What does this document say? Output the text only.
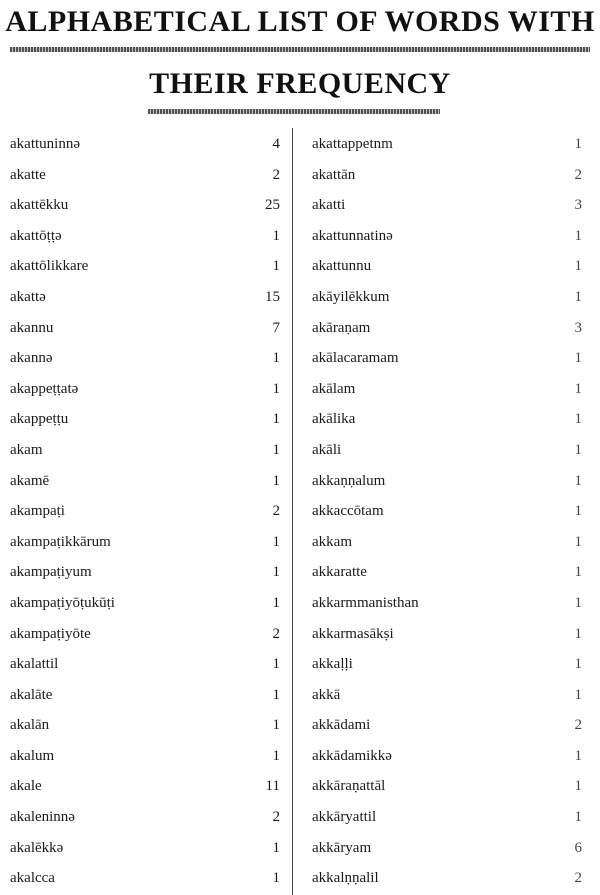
ALPHABETICAL LIST OF WORDS WITH
THEIR FREQUENCY
akattuninnə	4
akatte	2
akattēkku	25
akattōṭṭə	1
akattōlikkare	1
akattə	15
akannu	7
akannə	1
akappeṭṭatə	1
akappeṭṭu	1
akam	1
akamē	1
akampaṭi	2
akampaṭikkārum	1
akampaṭiyum	1
akampaṭiyōṭukūṭi	1
akampaṭiyōte	2
akalattil	1
akalāte	1
akalān	1
akalum	1
akale	11
akaleninnə	2
akalēkkə	1
akalcca	1
akattappetnm	1
akattān	2
akatti	3
akattunnatinə	1
akattunnu	1
akāyilēkkum	1
akāraṇam	3
akālacaramam	1
akālam	1
akālika	1
akāli	1
akkaṇṇalum	1
akkaccōtam	1
akkam	1
akkaratte	1
akkarmmanisthan	1
akkarmasākṣi	1
akkaḷḷi	1
akkā	1
akkādami	2
akkādamikkə	1
akkāraṇattāl	1
akkāryattil	1
akkāryam	6
akkalṇṇalil	2
